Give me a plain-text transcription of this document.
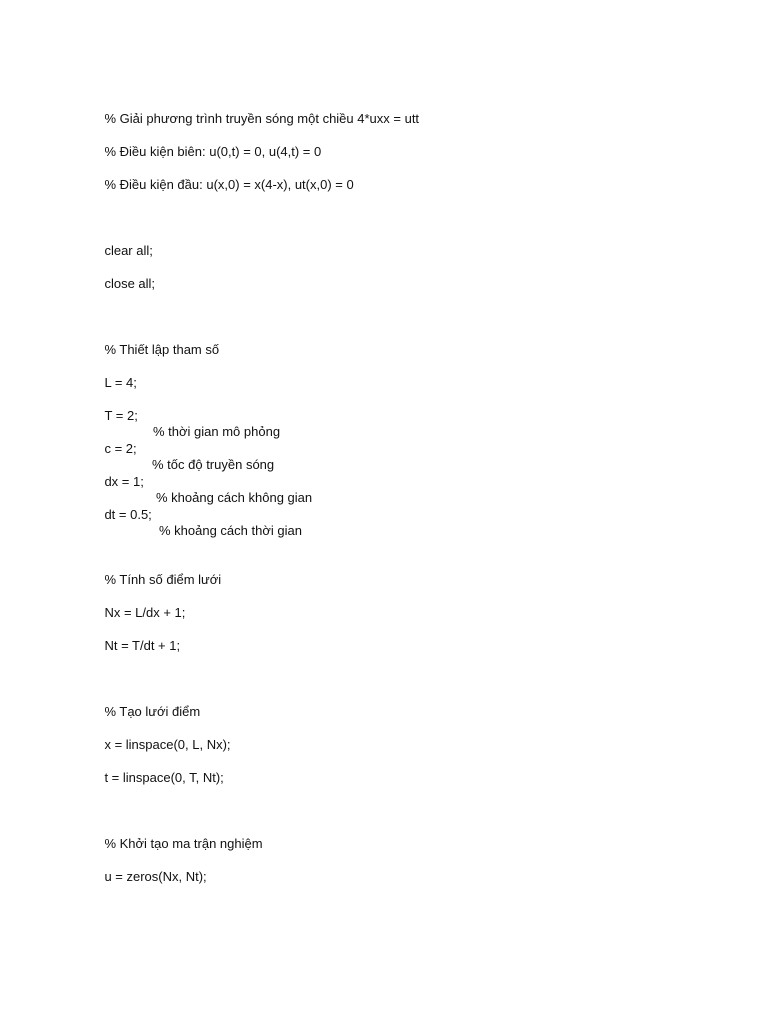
% Giải phương trình truyền sóng một chiều 4*uxx = utt

% Điều kiện biên: u(0,t) = 0, u(4,t) = 0

% Điều kiện đầu: u(x,0) = x(4-x), ut(x,0) = 0

clear all;

close all;

% Thiết lập tham số

L = 4;

T = 2;

% thời gian mô phỏng

c = 2;

% tốc độ truyền sóng

dx = 1;

% khoảng cách không gian

dt = 0.5;

% khoảng cách thời gian

% Tính số điểm lưới

Nx = L/dx + 1;

Nt = T/dt + 1;

% Tạo lưới điểm

x = linspace(0, L, Nx);

t = linspace(0, T, Nt);

% Khởi tạo ma trận nghiệm

u = zeros(Nx, Nt);
